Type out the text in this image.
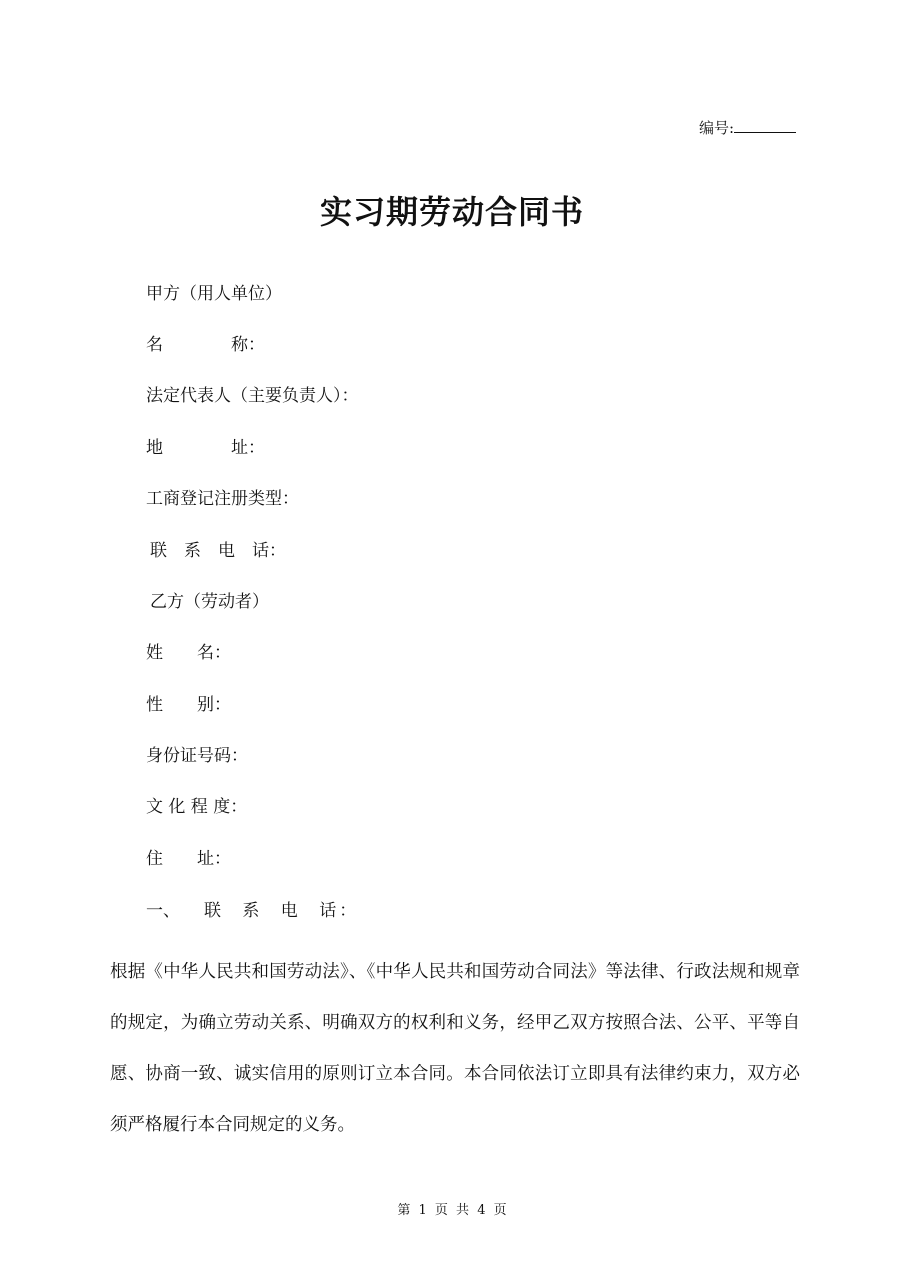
编号:
实习期劳动合同书
甲方（用人单位）
名　　　　称：
法定代表人（主要负责人）：
地　　　　址：
工商登记注册类型：
联　系　电　话：
乙方（劳动者）
姓　　名：
性　　别：
身份证号码：
文 化 程 度：
住　　址：
一、 联 系 电 话：
根据《中华人民共和国劳动法》、《中华人民共和国劳动合同法》等法律、行政法规和规章的规定，为确立劳动关系、明确双方的权利和义务，经甲乙双方按照合法、公平、平等自愿、协商一致、诚实信用的原则订立本合同。本合同依法订立即具有法律约束力，双方必须严格履行本合同规定的义务。
第 1 页 共 4 页
